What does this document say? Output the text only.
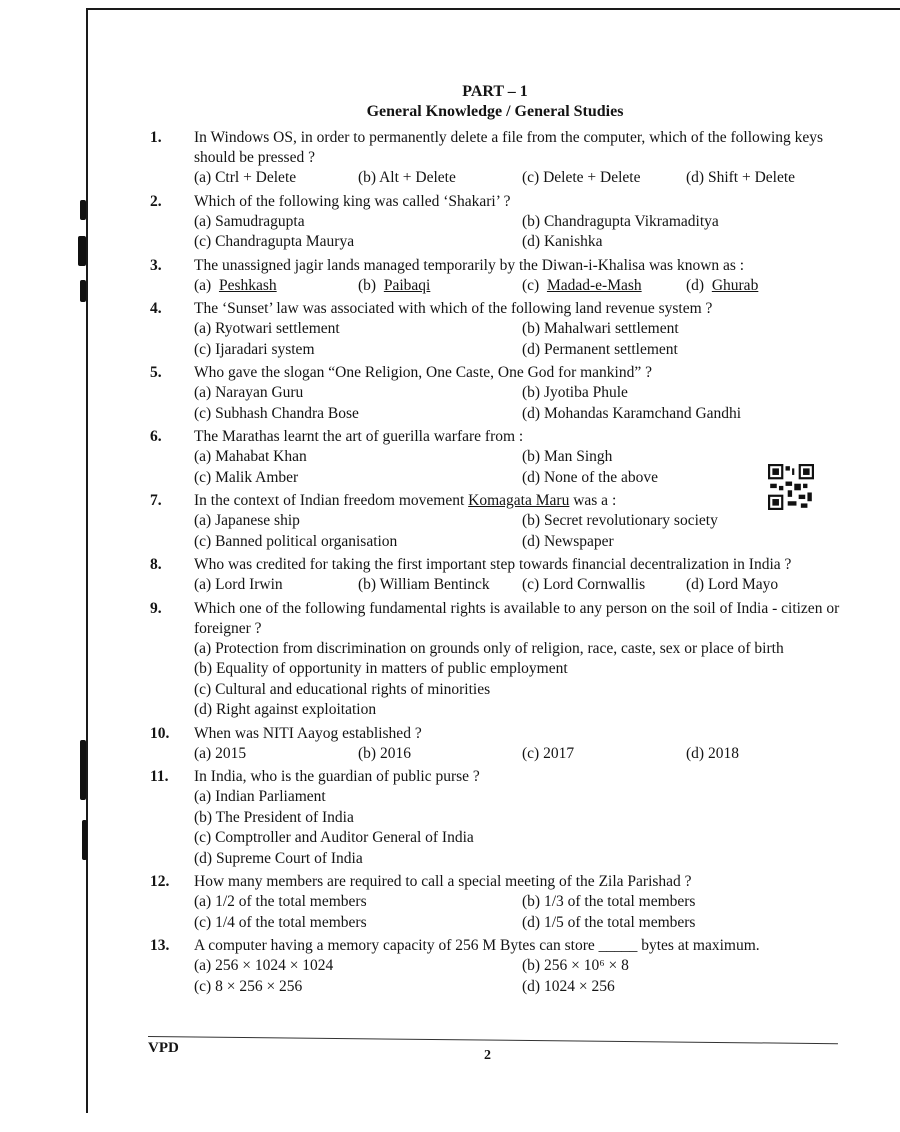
PART – 1
General Knowledge / General Studies
1. In Windows OS, in order to permanently delete a file from the computer, which of the following keys should be pressed ?
(a) Ctrl + Delete	(b) Alt + Delete	(c) Delete + Delete	(d) Shift + Delete
2. Which of the following king was called ‘Shakari’ ?
(a) Samudragupta	(b) Chandragupta Vikramaditya
(c) Chandragupta Maurya	(d) Kanishka
3. The unassigned jagir lands managed temporarily by the Diwan-i-Khalisa was known as :
(a)  Peshkash	(b)  Paibaqi	(c)  Madad-e-Mash	(d)  Ghurab
4. The ‘Sunset’ law was associated with which of the following land revenue system ?
(a) Ryotwari settlement	(b) Mahalwari settlement
(c) Ijaradari system	(d) Permanent settlement
5. Who gave the slogan “One Religion, One Caste, One God for mankind” ?
(a) Narayan Guru	(b) Jyotiba Phule
(c) Subhash Chandra Bose	(d) Mohandas Karamchand Gandhi
6. The Marathas learnt the art of guerilla warfare from :
(a) Mahabat Khan	(b) Man Singh
(c) Malik Amber	(d) None of the above
7. In the context of Indian freedom movement Komagata Maru was a :
(a) Japanese ship	(b) Secret revolutionary society
(c) Banned political organisation	(d) Newspaper
8. Who was credited for taking the first important step towards financial decentralization in India ?
(a) Lord Irwin	(b) William Bentinck	(c) Lord Cornwallis	(d) Lord Mayo
9. Which one of the following fundamental rights is available to any person on the soil of India - citizen or foreigner ?
(a) Protection from discrimination on grounds only of religion, race, caste, sex or place of birth
(b) Equality of opportunity in matters of public employment
(c) Cultural and educational rights of minorities
(d) Right against exploitation
10. When was NITI Aayog established ?
(a) 2015	(b) 2016	(c) 2017	(d) 2018
11. In India, who is the guardian of public purse ?
(a) Indian Parliament
(b) The President of India
(c) Comptroller and Auditor General of India
(d) Supreme Court of India
12. How many members are required to call a special meeting of the Zila Parishad ?
(a) 1/2 of the total members	(b) 1/3 of the total members
(c) 1/4 of the total members	(d) 1/5 of the total members
13. A computer having a memory capacity of 256 M Bytes can store _____ bytes at maximum.
(a) 256 × 1024 × 1024	(b) 256 × 10⁶ × 8
(c) 8 × 256 × 256	(d) 1024 × 256
VPD	2
